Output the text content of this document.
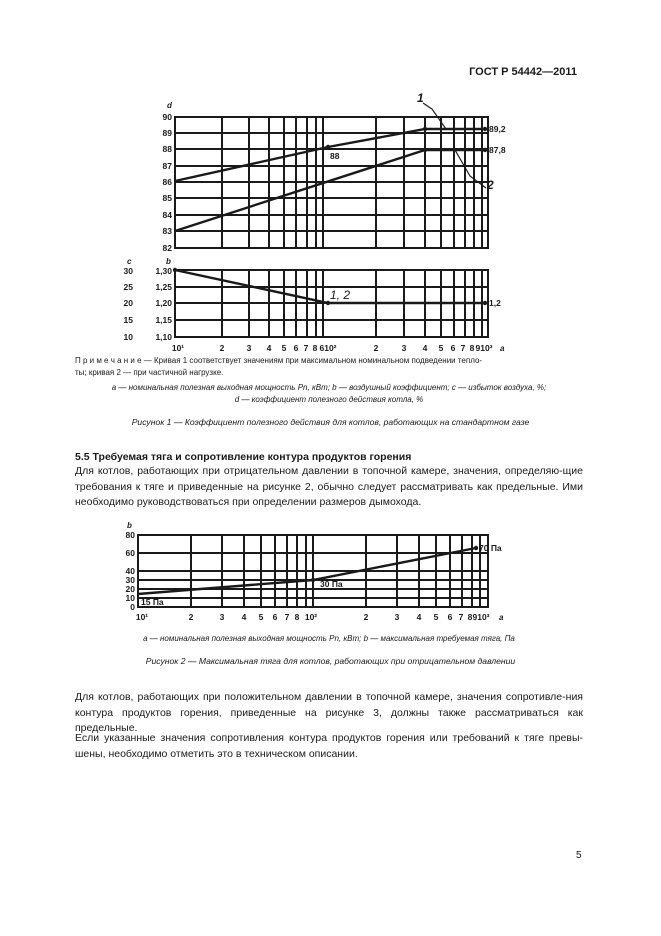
ГОСТ Р 54442—2011
d
90
89
88
87
86
85
84
83
82
88
89,2
87,8
1
2
c	b
30
25
20
15
10
1,30
1,25
1,20
1,15
1,10
1, 2
1,2
10¹	2	3 4 5 6 7 8 610²	2	3 4 5 6 7 8 910³ a
b
80
60
40
30
20
10
0 15 Па
30 Па
70 Па
10¹	2	3 4 5 6 7 8 10²	2	3 4 5 6 7 8 910³ a
П р и м е ч а н и е — Кривая 1 соответствует значениям при максимальном номинальном подведении тепло-
ты; кривая 2 — при частичной нагрузке.
a — номинальная полезная выходная мощность Pn, кВт; b — воздушный коэффициент; c — избыток воздуха, %;
d — коэффициент полезного действия котла, %
Рисунок 1 — Коэффициент полезного действия для котлов, работающих на стандартном газе
5.5 Требуемая тяга и сопротивление контура продуктов горения
Для котлов, работающих при отрицательном давлении в топочной камере, значения, определяю-щие требования к тяге и приведенные на рисунке 2, обычно следует рассматривать как предельные. Ими необходимо руководствоваться при определении размеров дымохода.
a — номинальная полезная выходная мощность Pn, кВт; b — максимальная требуемая тяга, Па
Рисунок 2 — Максимальная тяга для котлов, работающих при отрицательном давлении
Для котлов, работающих при положительном давлении в топочной камере, значения сопротивле-ния контура продуктов горения, приведенные на рисунке 3, должны также рассматриваться как предельные.
Если указанные значения сопротивления контура продуктов горения или требований к тяге превы-шены, необходимо отметить это в техническом описании.
5
